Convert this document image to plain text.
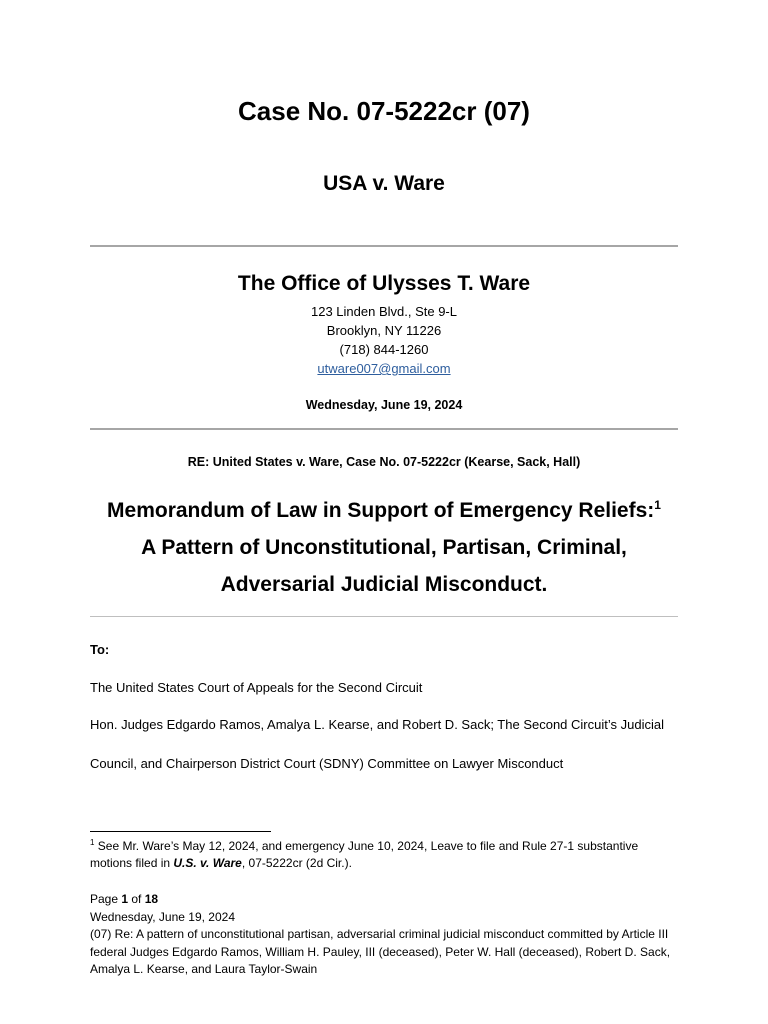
Case No. 07-5222cr (07)
USA v. Ware
The Office of Ulysses T. Ware
123 Linden Blvd., Ste 9-L
Brooklyn, NY 11226
(718) 844-1260
utware007@gmail.com
Wednesday, June 19, 2024
RE: United States v. Ware, Case No. 07-5222cr (Kearse, Sack, Hall)
Memorandum of Law in Support of Emergency Reliefs:$^1$
A Pattern of Unconstitutional, Partisan, Criminal,
Adversarial Judicial Misconduct.
To:
The United States Court of Appeals for the Second Circuit
Hon. Judges Edgardo Ramos, Amalya L. Kearse, and Robert D. Sack; The Second Circuit’s Judicial
Council, and Chairperson District Court (SDNY) Committee on Lawyer Misconduct
$^1$ See Mr. Ware’s May 12, 2024, and emergency June 10, 2024, Leave to file and Rule 27-1 substantive motions filed in U.S. v. Ware, 07-5222cr (2d Cir.).
Page 1 of 18
Wednesday, June 19, 2024
(07) Re: A pattern of unconstitutional partisan, adversarial criminal judicial misconduct committed by Article III federal Judges Edgardo Ramos, William H. Pauley, III (deceased), Peter W. Hall (deceased), Robert D. Sack, Amalya L. Kearse, and Laura Taylor-Swain
